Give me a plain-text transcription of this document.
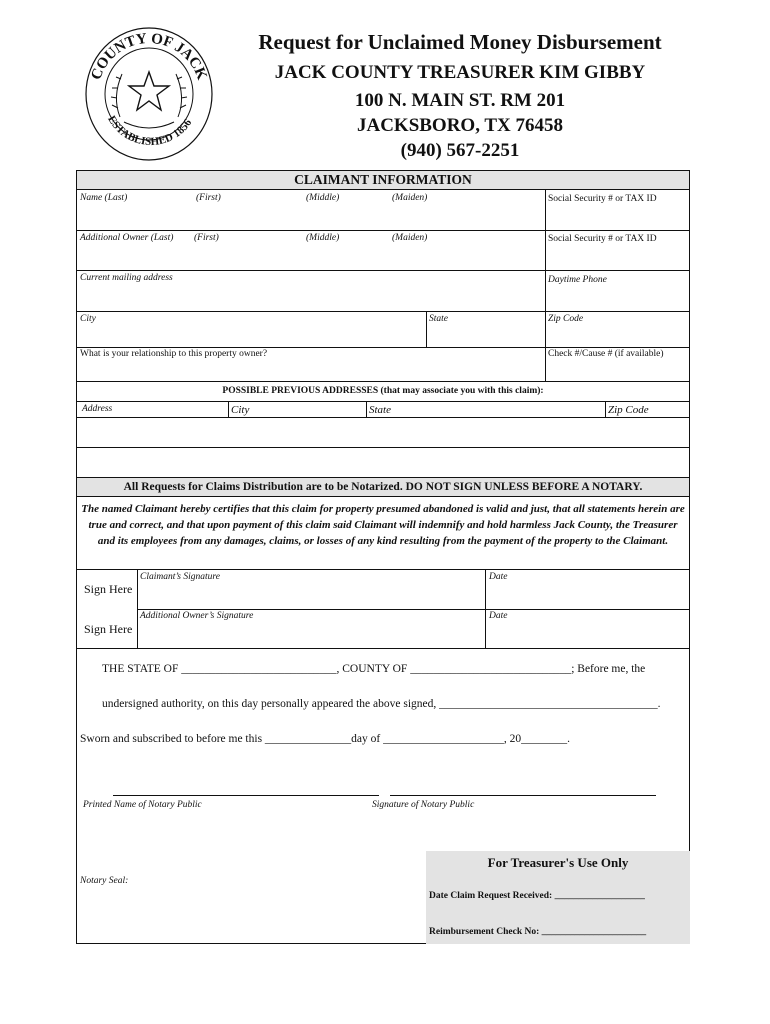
COUNTY OF JACK
ESTABLISHED 1856
Request for Unclaimed Money Disbursement
JACK COUNTY TREASURER KIM GIBBY
100 N. MAIN ST. RM 201
JACKSBORO, TX 76458
(940) 567-2251
CLAIMANT INFORMATION
Name (Last)	(First)	(Middle)	(Maiden)	Social Security # or TAX ID
Additional Owner (Last) (First)	(Middle)	(Maiden)	Social Security # or TAX ID
Current mailing address	Daytime Phone
City	State	Zip Code
What is your relationship to this property owner?	Check #/Cause # (if available)
POSSIBLE PREVIOUS ADDRESSES (that may associate you with this claim):
Address	City	State	Zip Code
All Requests for Claims Distribution are to be Notarized. DO NOT SIGN UNLESS BEFORE A NOTARY.
The named Claimant hereby certifies that this claim for property presumed abandoned is valid and just, that all statements herein are true and correct, and that upon payment of this claim said Claimant will indemnify and hold harmless Jack County, the Treasurer and its employees from any damages, claims, or losses of any kind resulting from the payment of the property to the Claimant.
Sign Here
Claimant’s Signature	Date
Sign Here
Additional Owner’s Signature	Date
THE STATE OF ___________________________, COUNTY OF ____________________________; Before me, the
undersigned authority, on this day personally appeared the above signed, ______________________________________.
Sworn and subscribed to before me this _______________day of _____________________, 20________.
Printed Name of Notary Public	Signature of Notary Public
Notary Seal:
For Treasurer's Use Only
Date Claim Request Received: ___________________
Reimbursement Check No: ______________________
